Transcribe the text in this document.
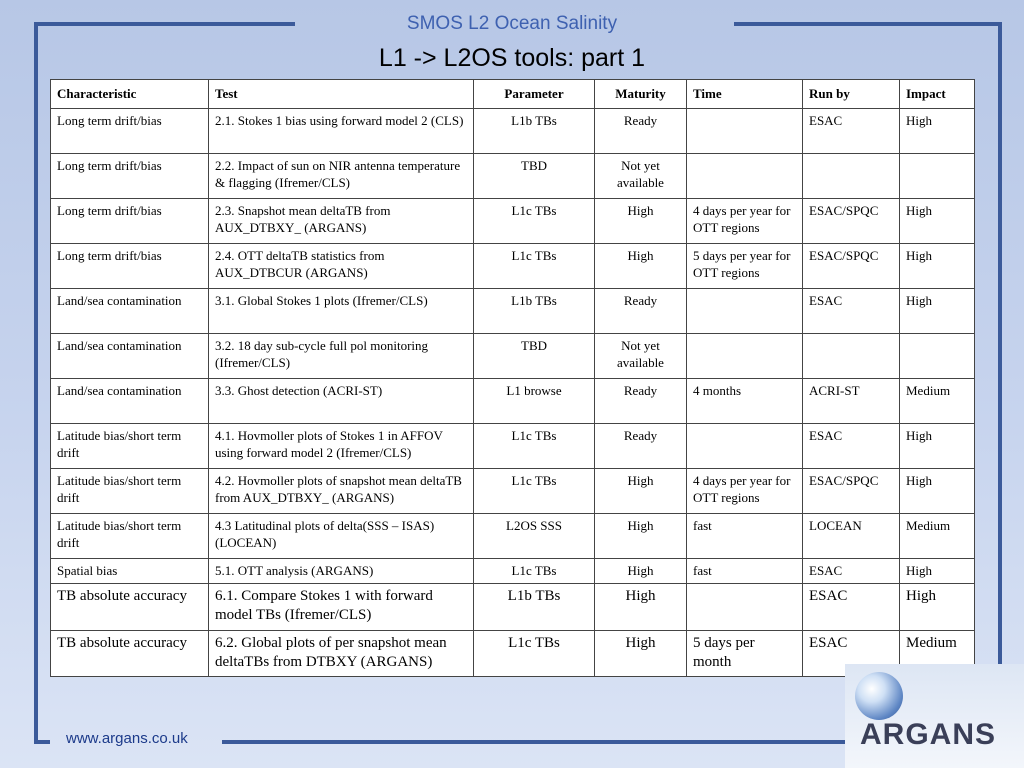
SMOS L2 Ocean Salinity
L1 -> L2OS tools: part 1
Characteristic	Test	Parameter	Maturity	Time	Run by	Impact
Long term drift/bias	2.1. Stokes 1 bias using forward model 2 (CLS)	L1b TBs	Ready		ESAC	High
Long term drift/bias	2.2. Impact of sun on NIR antenna temperature & flagging (Ifremer/CLS)	TBD	Not yet available			
Long term drift/bias	2.3. Snapshot mean deltaTB from AUX_DTBXY_ (ARGANS)	L1c TBs	High	4 days per year for OTT regions	ESAC/SPQC	High
Long term drift/bias	2.4. OTT deltaTB statistics from AUX_DTBCUR (ARGANS)	L1c TBs	High	5 days per year for OTT regions	ESAC/SPQC	High
Land/sea contamination	3.1. Global Stokes 1 plots (Ifremer/CLS)	L1b TBs	Ready		ESAC	High
Land/sea contamination	3.2. 18 day sub-cycle full pol monitoring (Ifremer/CLS)	TBD	Not yet available			
Land/sea contamination	3.3. Ghost detection (ACRI-ST)	L1 browse	Ready	4 months	ACRI-ST	Medium
Latitude bias/short term drift	4.1. Hovmoller plots of Stokes 1 in AFFOV using forward model 2 (Ifremer/CLS)	L1c TBs	Ready		ESAC	High
Latitude bias/short term drift	4.2. Hovmoller plots of snapshot mean deltaTB from AUX_DTBXY_ (ARGANS)	L1c TBs	High	4 days per year for OTT regions	ESAC/SPQC	High
Latitude bias/short term drift	4.3 Latitudinal plots of delta(SSS – ISAS) (LOCEAN)	L2OS SSS	High	fast	LOCEAN	Medium
Spatial bias	5.1. OTT analysis (ARGANS)	L1c TBs	High	fast	ESAC	High
TB absolute accuracy	6.1. Compare Stokes 1 with forward model TBs (Ifremer/CLS)	L1b TBs	High		ESAC	High
TB absolute accuracy	6.2. Global plots of per snapshot mean deltaTBs from DTBXY (ARGANS)	L1c TBs	High	5 days per month	ESAC	Medium
www.argans.co.uk	ARGANS
